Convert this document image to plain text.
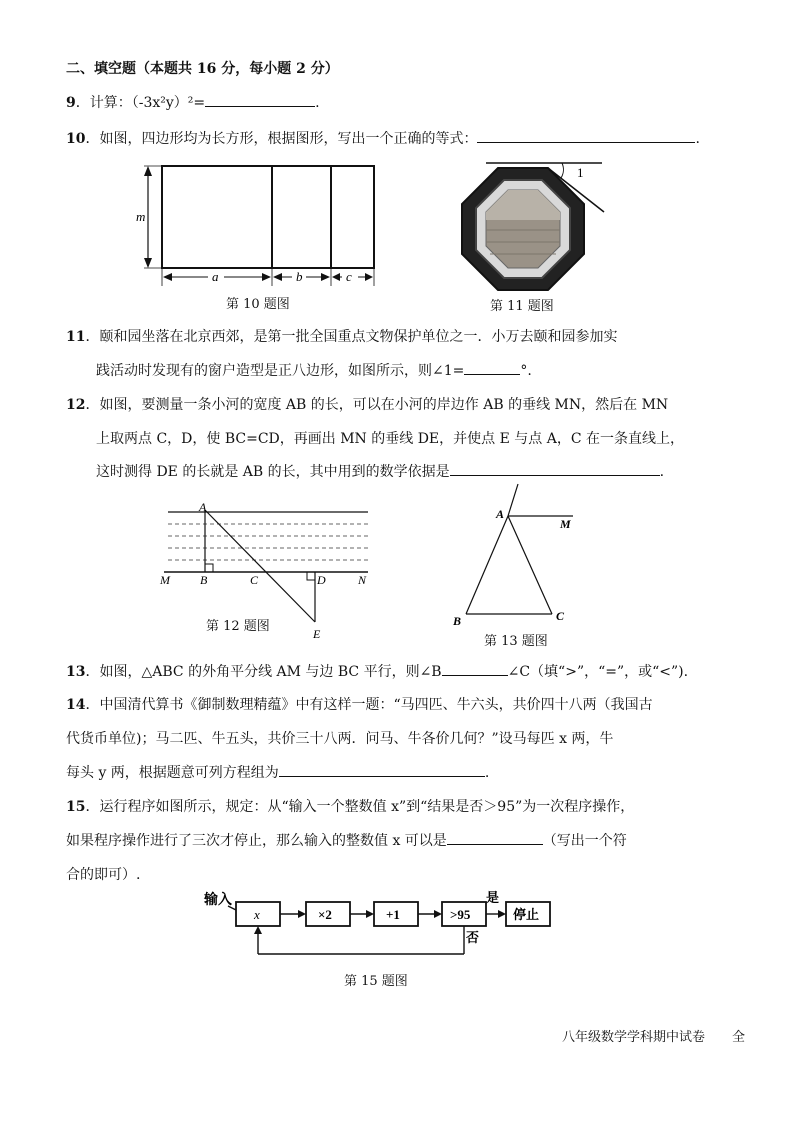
二、填空题（本题共 16 分，每小题 2 分）
9．计算：（-3x²y）²=	.
10．如图，四边形均为长方形，根据图形，写出一个正确的等式：	.
m
a	b	c
第 10 题图
1
第 11 题图
11．颐和园坐落在北京西郊，是第一批全国重点文物保护单位之一．小万去颐和园参加实
践活动时发现有的窗户造型是正八边形，如图所示，则∠1=	°.
12．如图，要测量一条小河的宽度 AB 的长，可以在小河的岸边作 AB 的垂线 MN，然后在 MN
上取两点 C，D，使 BC=CD，再画出 MN 的垂线 DE，并使点 E 与点 A，C 在一条直线上，
这时测得 DE 的长就是 AB 的长，其中用到的数学依据是	.
A
B	C	D
E
M	N
第 12 题图
A
M
B	C
第 13 题图
13．如图，△ABC 的外角平分线 AM 与边 BC 平行，则∠B	∠C（填“>”，“=”，或“<”).
14．中国清代算书《御制数理精蕴》中有这样一题：“马四匹、牛六头，共价四十八两（我国古
代货币单位)；马二匹、牛五头，共价三十八两．问马、牛各价几何？”设马每匹 x 两，牛
每头 y 两，根据题意可列方程组为	.
15．运行程序如图所示，规定：从“输入一个整数值 x”到“结果是否＞95”为一次程序操作，
如果程序操作进行了三次才停止，那么输入的整数值 x 可以是	（写出一个符
合的即可）.
输入
x	×2	+1	>95
是
停止
否
第 15 题图
八年级数学学科期中试卷 全
